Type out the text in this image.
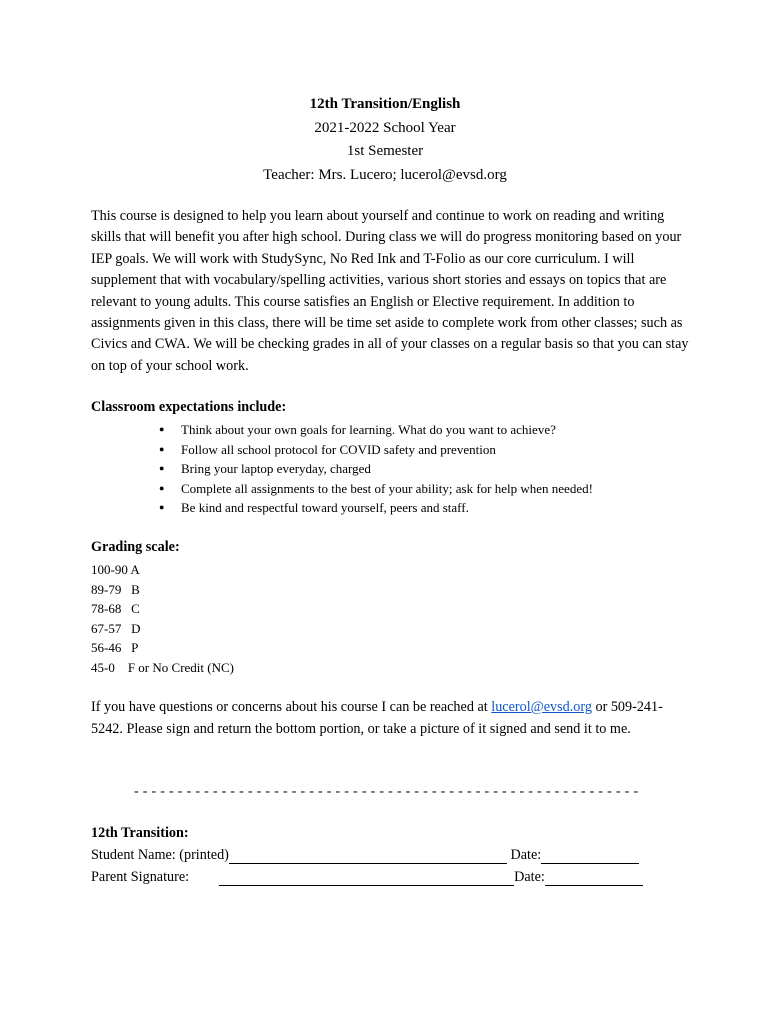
12th Transition/English
2021-2022 School Year
1st Semester
Teacher: Mrs. Lucero; lucerol@evsd.org

This course is designed to help you learn about yourself and continue to work on reading and writing skills that will benefit you after high school. During class we will do progress monitoring based on your IEP goals. We will work with StudySync, No Red Ink and T-Folio as our core curriculum. I will supplement that with vocabulary/spelling activities, various short stories and essays on topics that are relevant to young adults. This course satisfies an English or Elective requirement. In addition to assignments given in this class, there will be time set aside to complete work from other classes; such as Civics and CWA. We will be checking grades in all of your classes on a regular basis so that you can stay on top of your school work.

Classroom expectations include:

● Think about your own goals for learning. What do you want to achieve?
● Follow all school protocol for COVID safety and prevention
● Bring your laptop everyday, charged
● Complete all assignments to the best of your ability; ask for help when needed!
● Be kind and respectful toward yourself, peers and staff.

Grading scale:

100-90 A
89-79   B
78-68   C
67-57   D
56-46   P
45-0    F or No Credit (NC)

If you have questions or concerns about his course I can be reached at lucerol@evsd.org or 509-241-5242. Please sign and return the bottom portion, or take a picture of it signed and send it to me.

- - - - - - - - - - - - - - - - - - - - - - - - - - - - - - - - - - - - - - - - - - - - - - - - - - - - - - - - - -

12th Transition:

Student Name: (printed)	Date:
Parent Signature:	Date:
